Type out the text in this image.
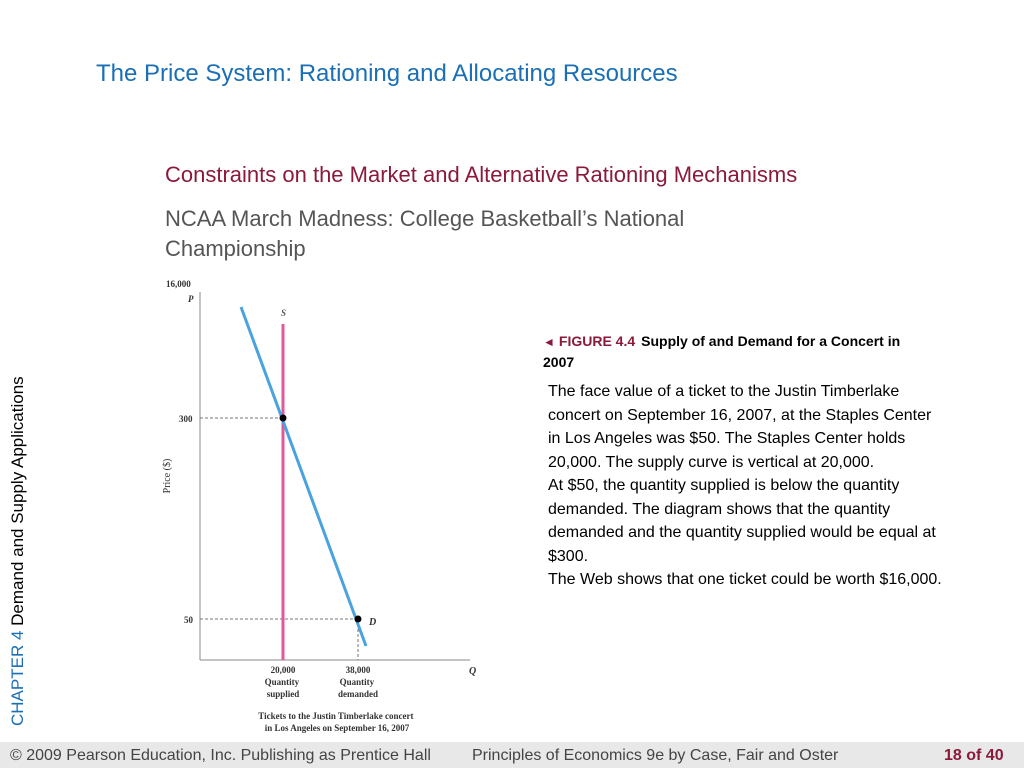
The Price System: Rationing and Allocating Resources
Constraints on the Market and Alternative Rationing Mechanisms
NCAA March Madness: College Basketball’s National Championship
CHAPTER 4 Demand and Supply Applications
16,000
P
300
50
Price ($)
Q
S
D
20,000
Quantity supplied
38,000
Quantity demanded
Tickets to the Justin Timberlake concert in Los Angeles on September 16, 2007
◄ FIGURE 4.4 Supply of and Demand for a Concert in 2007

The face value of a ticket to the Justin Timberlake concert on September 16, 2007, at the Staples Center in Los Angeles was $50. The Staples Center holds 20,000. The supply curve is vertical at 20,000.

At $50, the quantity supplied is below the quantity demanded. The diagram shows that the quantity demanded and the quantity supplied would be equal at $300.

The Web shows that one ticket could be worth $16,000.

© 2009 Pearson Education, Inc. Publishing as Prentice Hall	Principles of Economics 9e by Case, Fair and Oster	18 of 40
